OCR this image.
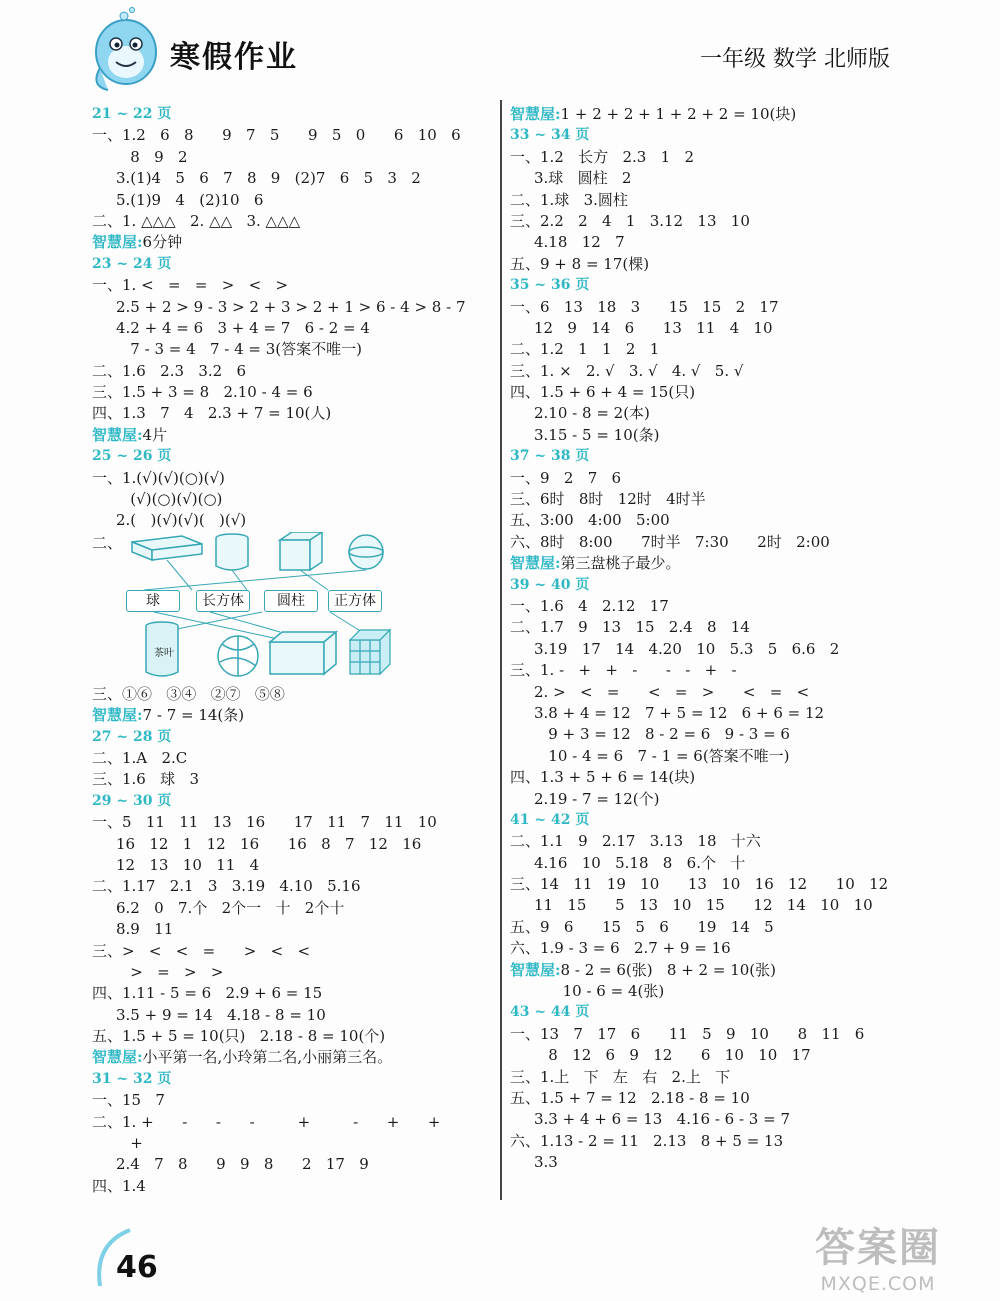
寒假作业	一年级 数学 北师版
21 ~ 22 页
一、1.2   6   8      9   7   5      9   5   0      6   10   6
8   9   2
3.(1)4   5   6   7   8   9   (2)7   6   5   3   2
5.(1)9   4   (2)10   6
二、1. △△△   2. △△   3. △△△
智慧屋:6分钟
23 ~ 24 页
一、1. <   =   =   >   <   >
2.5 + 2 > 9 - 3 > 2 + 3 > 2 + 1 > 6 - 4 > 8 - 7
4.2 + 4 = 6   3 + 4 = 7   6 - 2 = 4
7 - 3 = 4   7 - 4 = 3(答案不唯一)
二、1.6   2.3   3.2   6
三、1.5 + 3 = 8   2.10 - 4 = 6
四、1.3   7   4   2.3 + 7 = 10(人)
智慧屋:4片
25 ~ 26 页
一、1.(√)(√)(○)(√)
(√)(○)(√)(○)
2.(   )(√)(√)(   )(√)
二、
球	长方体	圆柱	正方体
茶叶
三、①⑥   ③④   ②⑦   ⑤⑧
智慧屋:7 - 7 = 14(条)
27 ~ 28 页
二、1.A   2.C
三、1.6   球   3
29 ~ 30 页
一、5   11   11   13   16      17   11   7   11   10
16   12   1   12   16      16   8   7   12   16
12   13   10   11   4
二、1.17   2.1   3   3.19   4.10   5.16
6.2   0   7.个   2个一   十   2个十
8.9   11
三、>   <   <   =      >   <   <
>   =   >   >
四、1.11 - 5 = 6   2.9 + 6 = 15
3.5 + 9 = 14   4.18 - 8 = 10
五、1.5 + 5 = 10(只)   2.18 - 8 = 10(个)
智慧屋:小平第一名,小玲第二名,小丽第三名。
31 ~ 32 页
一、15   7
二、1. +      -      -      -         +         -      +      +
+
2.4   7   8      9   9   8      2   17   9
四、1.4
智慧屋:1 + 2 + 2 + 1 + 2 + 2 = 10(块)
33 ~ 34 页
一、1.2   长方   2.3   1   2
3.球   圆柱   2
二、1.球   3.圆柱
三、2.2   2   4   1   3.12   13   10
4.18   12   7
五、9 + 8 = 17(棵)
35 ~ 36 页
一、6   13   18   3      15   15   2   17
12   9   14   6      13   11   4   10
二、1.2   1   1   2   1
三、1. ×   2. √   3. √   4. √   5. √
四、1.5 + 6 + 4 = 15(只)
2.10 - 8 = 2(本)
3.15 - 5 = 10(条)
37 ~ 38 页
一、9   2   7   6
三、6时   8时   12时   4时半
五、3:00   4:00   5:00
六、8时   8:00      7时半   7:30      2时   2:00
智慧屋:第三盘桃子最少。
39 ~ 40 页
一、1.6   4   2.12   17
二、1.7   9   13   15   2.4   8   14
3.19   17   14   4.20   10   5.3   5   6.6   2
三、1. -   +   +   -      -   -   +   -
2. >   <   =      <   =   >      <   =   <
3.8 + 4 = 12   7 + 5 = 12   6 + 6 = 12
9 + 3 = 12   8 - 2 = 6   9 - 3 = 6
10 - 4 = 6   7 - 1 = 6(答案不唯一)
四、1.3 + 5 + 6 = 14(块)
2.19 - 7 = 12(个)
41 ~ 42 页
二、1.1   9   2.17   3.13   18   十六
4.16   10   5.18   8   6.个   十
三、14   11   19   10      13   10   16   12      10   12
11   15      5   13   10   15      12   14   10   10
五、9   6      15   5   6      19   14   5
六、1.9 - 3 = 6   2.7 + 9 = 16
智慧屋:8 - 2 = 6(张)   8 + 2 = 10(张)
10 - 6 = 4(张)
43 ~ 44 页
一、13   7   17   6      11   5   9   10      8   11   6
8   12   6   9   12      6   10   10   17
三、1.上   下   左   右   2.上   下
五、1.5 + 7 = 12   2.18 - 8 = 10
3.3 + 4 + 6 = 13   4.16 - 6 - 3 = 7
六、1.13 - 2 = 11   2.13   8 + 5 = 13
3.3
46	答案圈
MXQE.COM
